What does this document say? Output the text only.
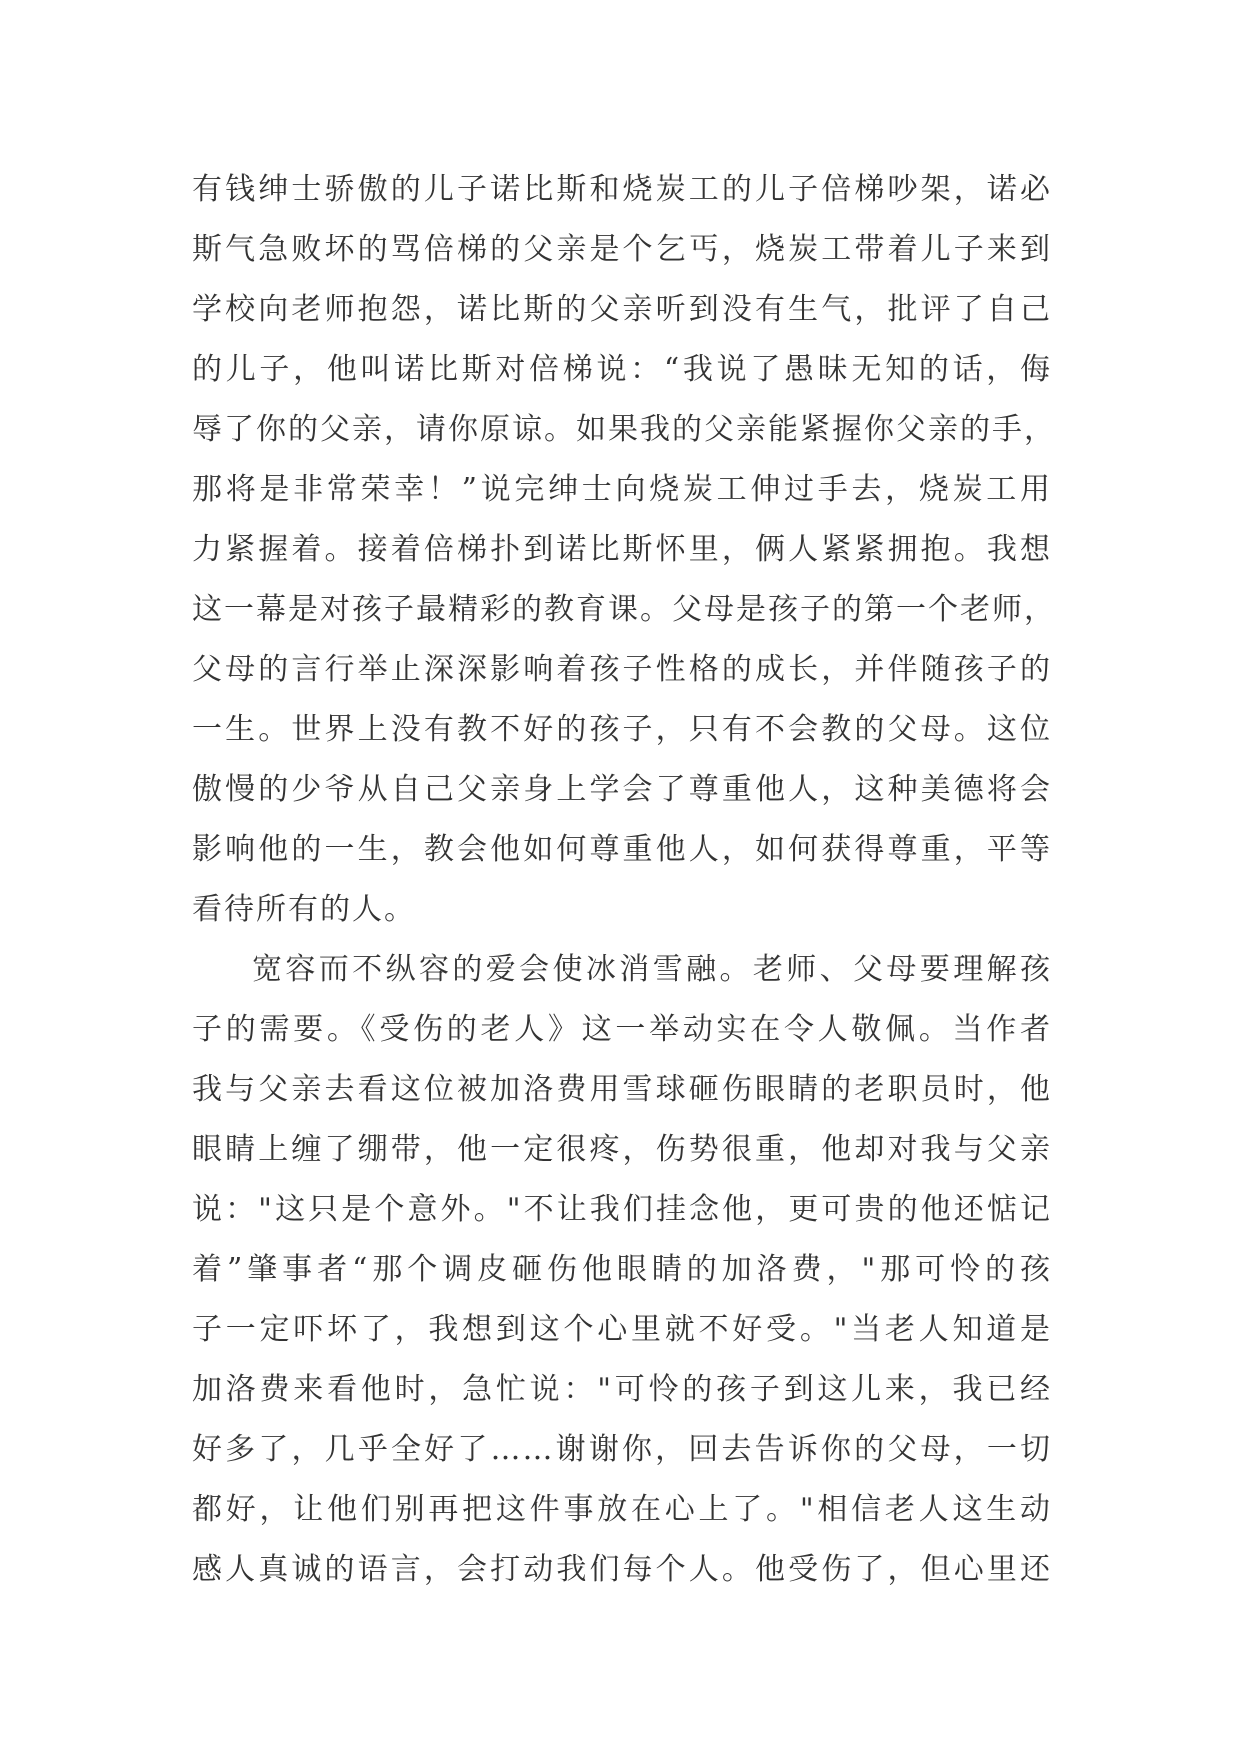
有钱绅士骄傲的儿子诺比斯和烧炭工的儿子倍梯吵架，诺必
斯气急败坏的骂倍梯的父亲是个乞丐，烧炭工带着儿子来到
学校向老师抱怨，诺比斯的父亲听到没有生气，批评了自己
的儿子，他叫诺比斯对倍梯说：“我说了愚昧无知的话，侮
辱了你的父亲，请你原谅。如果我的父亲能紧握你父亲的手，
那将是非常荣幸！”说完绅士向烧炭工伸过手去，烧炭工用
力紧握着。接着倍梯扑到诺比斯怀里，俩人紧紧拥抱。我想
这一幕是对孩子最精彩的教育课。父母是孩子的第一个老师，
父母的言行举止深深影响着孩子性格的成长，并伴随孩子的
一生。世界上没有教不好的孩子，只有不会教的父母。这位
傲慢的少爷从自己父亲身上学会了尊重他人，这种美德将会
影响他的一生，教会他如何尊重他人，如何获得尊重，平等
看待所有的人。
宽容而不纵容的爱会使冰消雪融。老师、父母要理解孩
子的需要。《受伤的老人》这一举动实在令人敬佩。当作者
我与父亲去看这位被加洛费用雪球砸伤眼睛的老职员时，他
眼睛上缠了绷带，他一定很疼，伤势很重，他却对我与父亲
说："这只是个意外。"不让我们挂念他，更可贵的他还惦记
着”肇事者“那个调皮砸伤他眼睛的加洛费，"那可怜的孩
子一定吓坏了，我想到这个心里就不好受。"当老人知道是
加洛费来看他时，急忙说："可怜的孩子到这儿来，我已经
好多了，几乎全好了……谢谢你，回去告诉你的父母，一切
都好，让他们别再把这件事放在心上了。"相信老人这生动
感人真诚的语言，会打动我们每个人。他受伤了，但心里还
